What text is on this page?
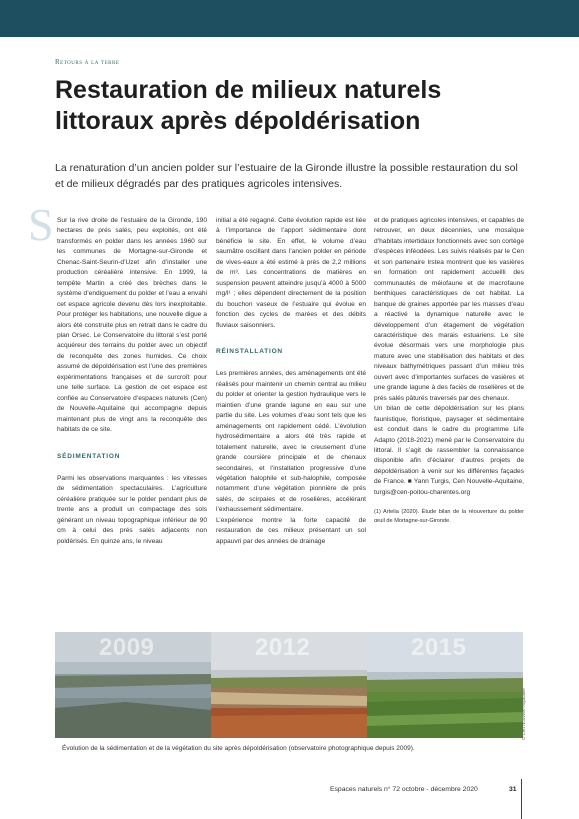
Retours à la terre
Restauration de milieux naturels
littoraux après dépoldérisation

La renaturation d’un ancien polder sur l’estuaire de la Gironde illustre la possible restauration du sol et de milieux dégradés par des pratiques agricoles intensives.

S Sur la rive droite de l’estuaire de la Gironde, 190 hectares de prés salés, peu exploités, ont été transformés en polder dans les années 1960 sur les communes de Mortagne-sur-Gironde et Chenac-Saint-Seurin-d’Uzet afin d’installer une production céréalière intensive. En 1999, la tempête Martin a créé des brèches dans le système d’endiguement du polder et l’eau a envahi cet espace agricole devenu dès lors inexploitable. Pour protéger les habitations, une nouvelle digue a alors été construite plus en retrait dans le cadre du plan Orsec. Le Conservatoire du littoral s’est porté acquéreur des terrains du polder avec un objectif de reconquête des zones humides. Ce choix assumé de dépoldérisation est l’une des premières expérimentations françaises et de surcroît pour une telle surface. La gestion de cet espace est confiée au Conservatoire d’espaces naturels (Cen) de Nouvelle-Aquitaine qui accompagne depuis maintenant plus de vingt ans la reconquête des habitats de ce site.

SÉDIMENTATION

Parmi les observations marquantes : les vitesses de sédimentation spectaculaires. L’agriculture céréalière pratiquée sur le polder pendant plus de trente ans a produit un compactage des sols générant un niveau topographique inférieur de 90 cm à celui des prés salés adjacents non poldérisés. En quinze ans, le niveau

initial a été regagné. Cette évolution rapide est liée à l’importance de l’apport sédimentaire dont bénéficie le site. En effet, le volume d’eau saumâtre oscillant dans l’ancien polder en période de vives-eaux a été estimé à près de 2,2 millions de m³. Les concentrations de matières en suspension peuvent atteindre jusqu’à 4000 à 5000 mg/l¹ ; elles dépendent directement de la position du bouchon vaseux de l’estuaire qui évolue en fonction des cycles de marées et des débits fluviaux saisonniers.

RÉINSTALLATION

Les premières années, des aménagements ont été réalisés pour maintenir un chemin central au milieu du polder et orienter la gestion hydraulique vers le maintien d’une grande lagune en eau sur une partie du site. Les volumes d’eau sont tels que les aménagements ont rapidement cédé. L’évolution hydrosédimentaire a alors été très rapide et totalement naturelle, avec le creusement d’une grande coursière principale et de chenaux secondaires, et l’installation progressive d’une végétation halophile et sub-halophile, composée notamment d’une végétation pionnière de prés salés, de scirpaies et de roselières, accélérant l’exhaussement sédimentaire.

L’expérience montre la forte capacité de restauration de ces milieux présentant un sol appauvri par des années de drainage

et de pratiques agricoles intensives, et capables de retrouver, en deux décennies, une mosaïque d’habitats intertidaux fonctionnels avec son cortège d’espèces inféodées. Les suivis réalisés par le Cen et son partenaire Irstea montrent que les vasières en formation ont rapidement accueilli des communautés de méiofaune et de macrofaune benthiques caractéristiques de cet habitat. La banque de graines apportée par les masses d’eau a réactivé la dynamique naturelle avec le développement d’un étagement de végétation caractéristique des marais estuariens. Le site évolue désormais vers une morphologie plus mature avec une stabilisation des habitats et des niveaux bathymétriques passant d’un milieu très ouvert avec d’importantes surfaces de vasières et une grande lagune à des faciès de roselières et de prés salés pâturés traversés par des chenaux.

Un bilan de cette dépoldérisation sur les plans faunistique, floristique, paysager et sédimentaire est conduit dans le cadre du programme Life Adapto (2018-2021) mené par le Conservatoire du littoral. Il s’agit de rassembler la connaissance disponible afin d’éclairer d’autres projets de dépoldérisation à venir sur les différentes façades de France. ■ Yann Turgis, Cen Nouvelle-Aquitaine, turgis@cen-poitou-charentes.org

(1) Artelia (2020). Étude bilan de la réouverture du polder œuil de Mortagne-sur-Gironde.

2009	2012	2015
Évolution de la sédimentation et de la végétation du site après dépoldérisation (observatoire photographique depuis 2009).
© Cen Nouvelle-Aquitaine
Espaces naturels n° 72 octobre - décembre 2020	31
